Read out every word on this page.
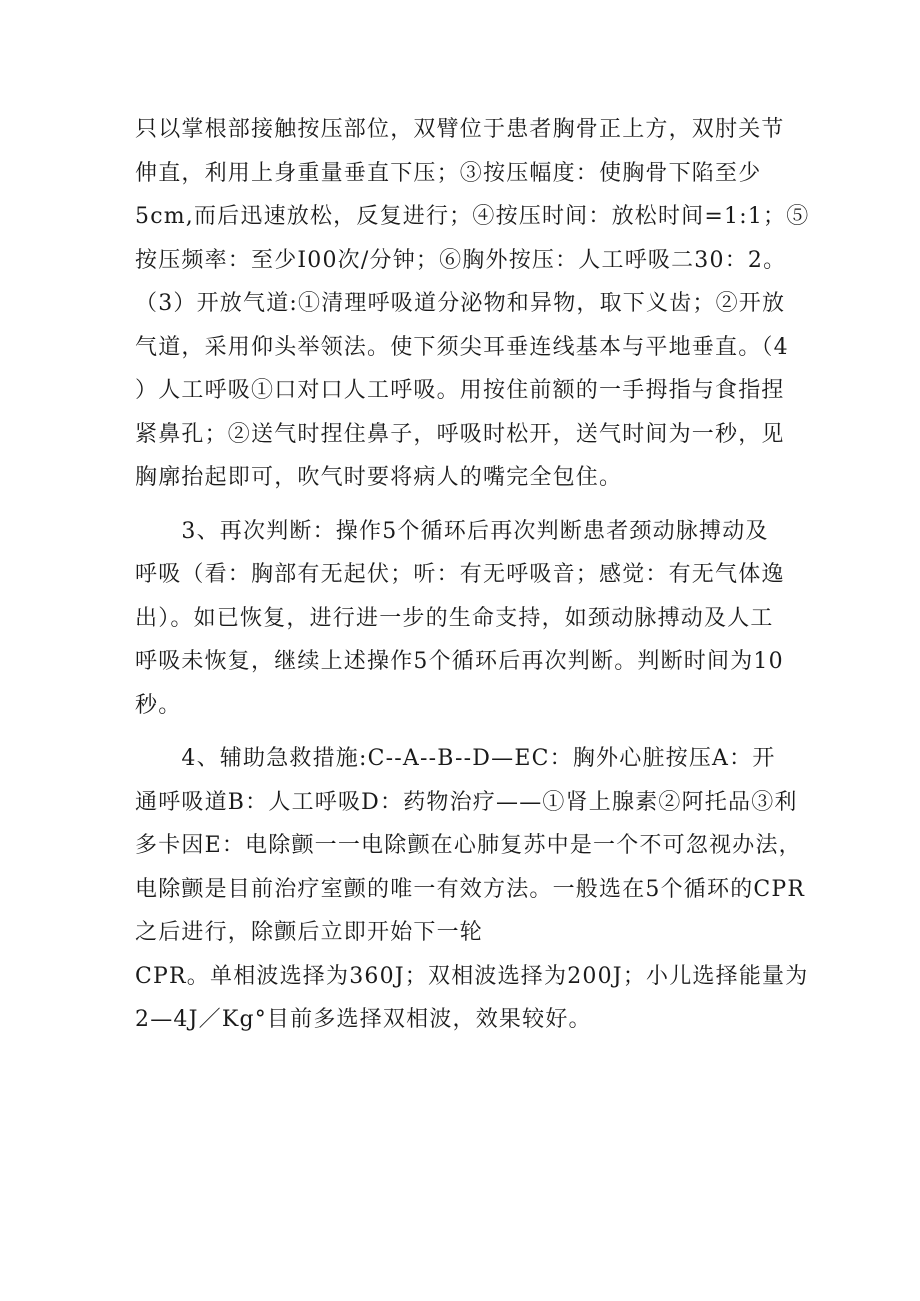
只以掌根部接触按压部位，双臂位于患者胸骨正上方，双肘关节
伸直，利用上身重量垂直下压；③按压幅度：使胸骨下陷至少
5cm,而后迅速放松，反复进行；④按压时间：放松时间=1:1；⑤
按压频率：至少I00次/分钟；⑥胸外按压：人工呼吸二30：2。
（3）开放气道:①清理呼吸道分泌物和异物，取下义齿；②开放
气道，采用仰头举领法。使下须尖耳垂连线基本与平地垂直。（4
）人工呼吸①口对口人工呼吸。用按住前额的一手拇指与食指捏
紧鼻孔；②送气时捏住鼻子，呼吸时松开，送气时间为一秒，见
胸廓抬起即可，吹气时要将病人的嘴完全包住。
　　3、再次判断：操作5个循环后再次判断患者颈动脉搏动及
呼吸（看：胸部有无起伏；听：有无呼吸音；感觉：有无气体逸
出）。如已恢复，进行进一步的生命支持，如颈动脉搏动及人工
呼吸未恢复，继续上述操作5个循环后再次判断。判断时间为10
秒。
　　4、辅助急救措施:C--A--B--D—EC：胸外心脏按压A：开
通呼吸道B：人工呼吸D：药物治疗——①肾上腺素②阿托品③利
多卡因E：电除颤一一电除颤在心肺复苏中是一个不可忽视办法，
电除颤是目前治疗室颤的唯一有效方法。一般选在5个循环的CPR
之后进行，除颤后立即开始下一轮
CPR。单相波选择为360J；双相波选择为200J；小儿选择能量为
2—4J／Kg°目前多选择双相波，效果较好。
